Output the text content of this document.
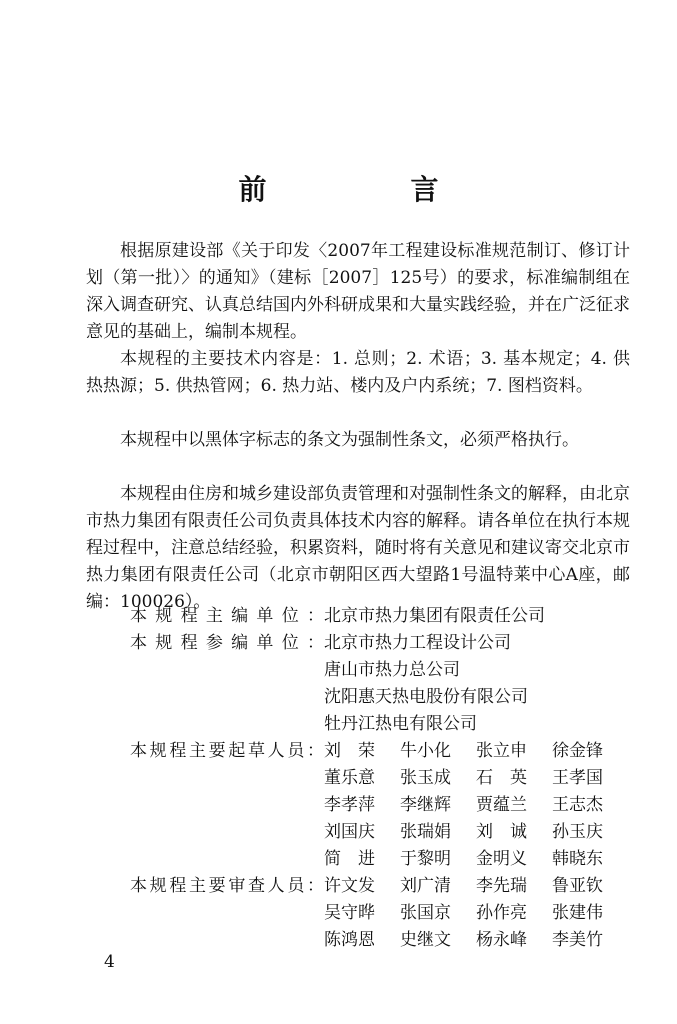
前　言

根据原建设部《关于印发〈2007年工程建设标准规范制订、修订计划（第一批）〉的通知》（建标［2007］125号）的要求，标准编制组在深入调查研究、认真总结国内外科研成果和大量实践经验，并在广泛征求意见的基础上，编制本规程。

本规程的主要技术内容是：1. 总则；2. 术语；3. 基本规定；4. 供热热源；5. 供热管网；6. 热力站、楼内及户内系统；7. 图档资料。

本规程中以黑体字标志的条文为强制性条文，必须严格执行。

本规程由住房和城乡建设部负责管理和对强制性条文的解释，由北京市热力集团有限责任公司负责具体技术内容的解释。请各单位在执行本规程过程中，注意总结经验，积累资料，随时将有关意见和建议寄交北京市热力集团有限责任公司（北京市朝阳区西大望路1号温特莱中心A座，邮编：100026）。

本规程主编单位： 北京市热力集团有限责任公司
本规程参编单位： 北京市热力工程设计公司
唐山市热力总公司
沈阳惠天热电股份有限公司
牡丹江热电有限公司
本规程主要起草人员： 刘　荣	牛小化	张立申	徐金锋
董乐意	张玉成	石　英	王孝国
李孝萍	李继辉	贾蕴兰	王志杰
刘国庆	张瑞娟	刘　诚	孙玉庆
简　进	于黎明	金明义	韩晓东
本规程主要审查人员： 许文发	刘广清	李先瑞	鲁亚钦
吴守晔	张国京	孙作亮	张建伟
陈鸿恩	史继文	杨永峰	李美竹
4
